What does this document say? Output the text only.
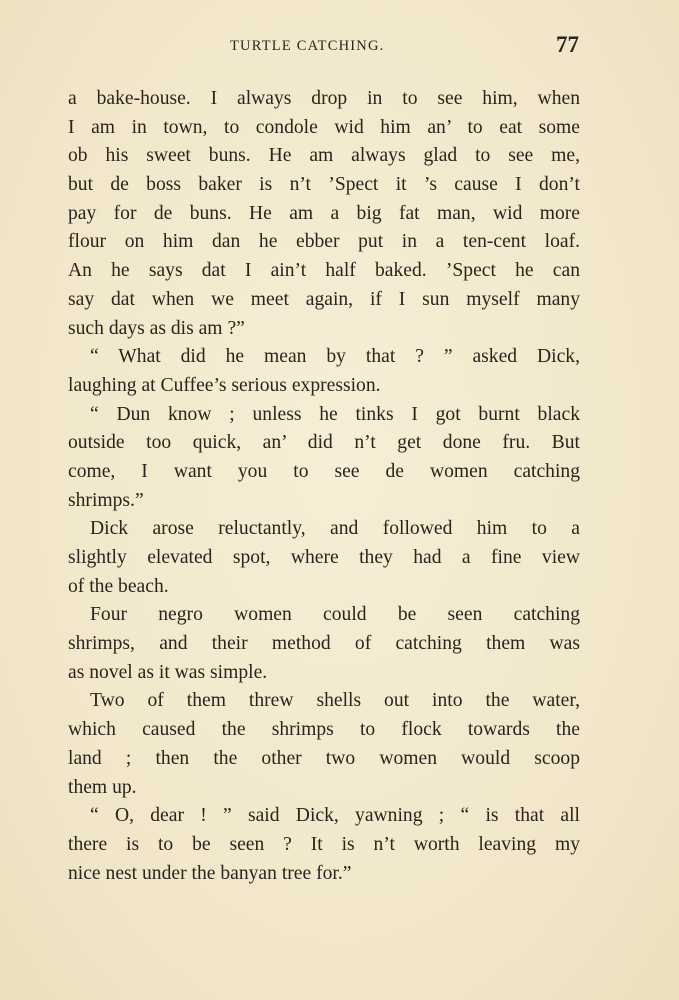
TURTLE CATCHING.	77
a bake-house. I always drop in to see him, when
I am in town, to condole wid him an’ to eat some
ob his sweet buns. He am always glad to see me,
but de boss baker is n’t ’Spect it ’s cause I don’t
pay for de buns. He am a big fat man, wid more
flour on him dan he ebber put in a ten-cent loaf.
An he says dat I ain’t half baked. ’Spect he can
say dat when we meet again, if I sun myself many
such days as dis am ?”
“ What did he mean by that ? ” asked Dick,
laughing at Cuffee’s serious expression.
“ Dun know ; unless he tinks I got burnt black
outside too quick, an’ did n’t get done fru. But
come, I want you to see de women catching
shrimps.”
Dick arose reluctantly, and followed him to a
slightly elevated spot, where they had a fine view
of the beach.
Four negro women could be seen catching
shrimps, and their method of catching them was
as novel as it was simple.
Two of them threw shells out into the water,
which caused the shrimps to flock towards the
land ; then the other two women would scoop
them up.
“ O, dear ! ” said Dick, yawning ; “ is that all
there is to be seen ? It is n’t worth leaving my
nice nest under the banyan tree for.”
